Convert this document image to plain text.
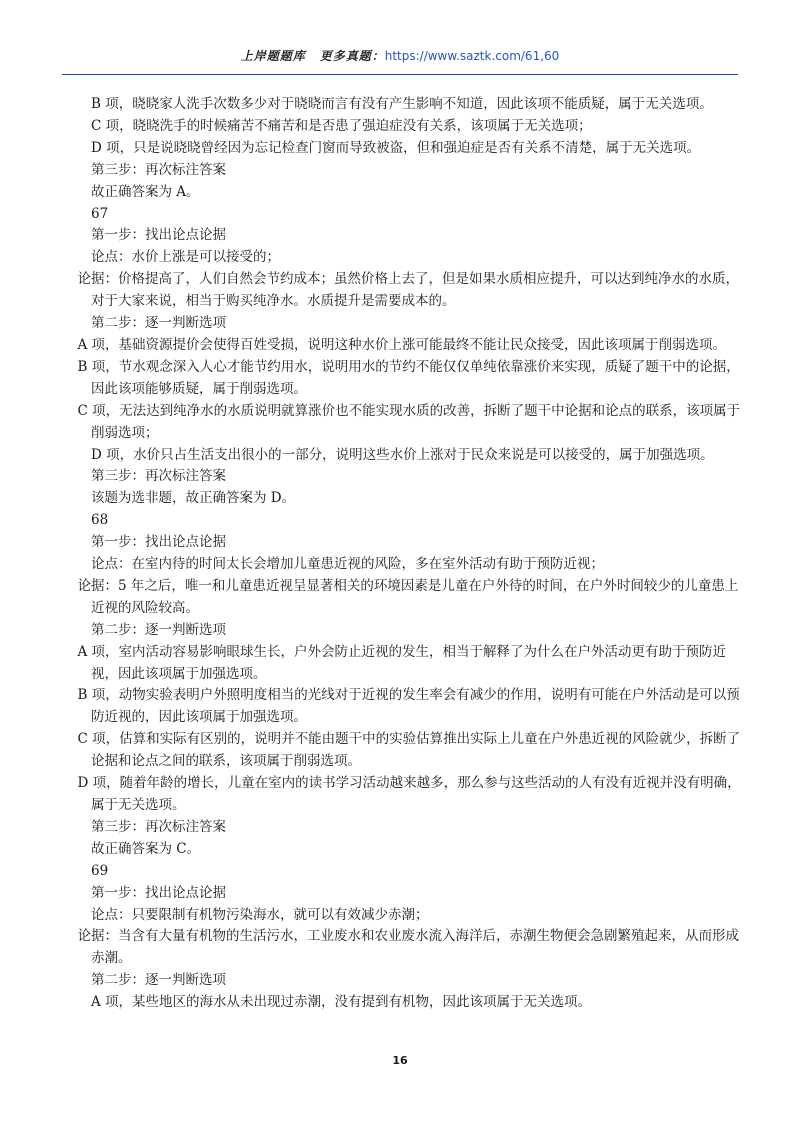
上岸题题库 更多真题：https://www.saztk.com/61,60

B 项，晓晓家人洗手次数多少对于晓晓而言有没有产生影响不知道，因此该项不能质疑，属于无关选项。

C 项，晓晓洗手的时候痛苦不痛苦和是否患了强迫症没有关系，该项属于无关选项；

D 项，只是说晓晓曾经因为忘记检查门窗而导致被盗，但和强迫症是否有关系不清楚，属于无关选项。

第三步：再次标注答案

故正确答案为 A。

67

第一步：找出论点论据

论点：水价上涨是可以接受的；

论据：价格提高了，人们自然会节约成本；虽然价格上去了，但是如果水质相应提升，可以达到纯净水的水质，对于大家来说，相当于购买纯净水。水质提升是需要成本的。

第二步：逐一判断选项

A 项，基础资源提价会使得百姓受损，说明这种水价上涨可能最终不能让民众接受，因此该项属于削弱选项。

B 项，节水观念深入人心才能节约用水，说明用水的节约不能仅仅单纯依靠涨价来实现，质疑了题干中的论据，因此该项能够质疑，属于削弱选项。

C 项，无法达到纯净水的水质说明就算涨价也不能实现水质的改善，拆断了题干中论据和论点的联系，该项属于削弱选项；

D 项，水价只占生活支出很小的一部分，说明这些水价上涨对于民众来说是可以接受的，属于加强选项。

第三步：再次标注答案

该题为选非题，故正确答案为 D。

68

第一步：找出论点论据

论点：在室内待的时间太长会增加儿童患近视的风险，多在室外活动有助于预防近视；

论据：5 年之后，唯一和儿童患近视呈显著相关的环境因素是儿童在户外待的时间，在户外时间较少的儿童患上近视的风险较高。

第二步：逐一判断选项

A 项，室内活动容易影响眼球生长，户外会防止近视的发生，相当于解释了为什么在户外活动更有助于预防近视，因此该项属于加强选项。

B 项，动物实验表明户外照明度相当的光线对于近视的发生率会有减少的作用，说明有可能在户外活动是可以预防近视的，因此该项属于加强选项。

C 项，估算和实际有区别的，说明并不能由题干中的实验估算推出实际上儿童在户外患近视的风险就少，拆断了论据和论点之间的联系，该项属于削弱选项。

D 项，随着年龄的增长，儿童在室内的读书学习活动越来越多，那么参与这些活动的人有没有近视并没有明确，属于无关选项。

第三步：再次标注答案

故正确答案为 C。

69

第一步：找出论点论据

论点：只要限制有机物污染海水，就可以有效减少赤潮；

论据：当含有大量有机物的生活污水，工业废水和农业废水流入海洋后，赤潮生物便会急剧繁殖起来，从而形成赤潮。

第二步：逐一判断选项

A 项，某些地区的海水从未出现过赤潮，没有提到有机物，因此该项属于无关选项。

16
